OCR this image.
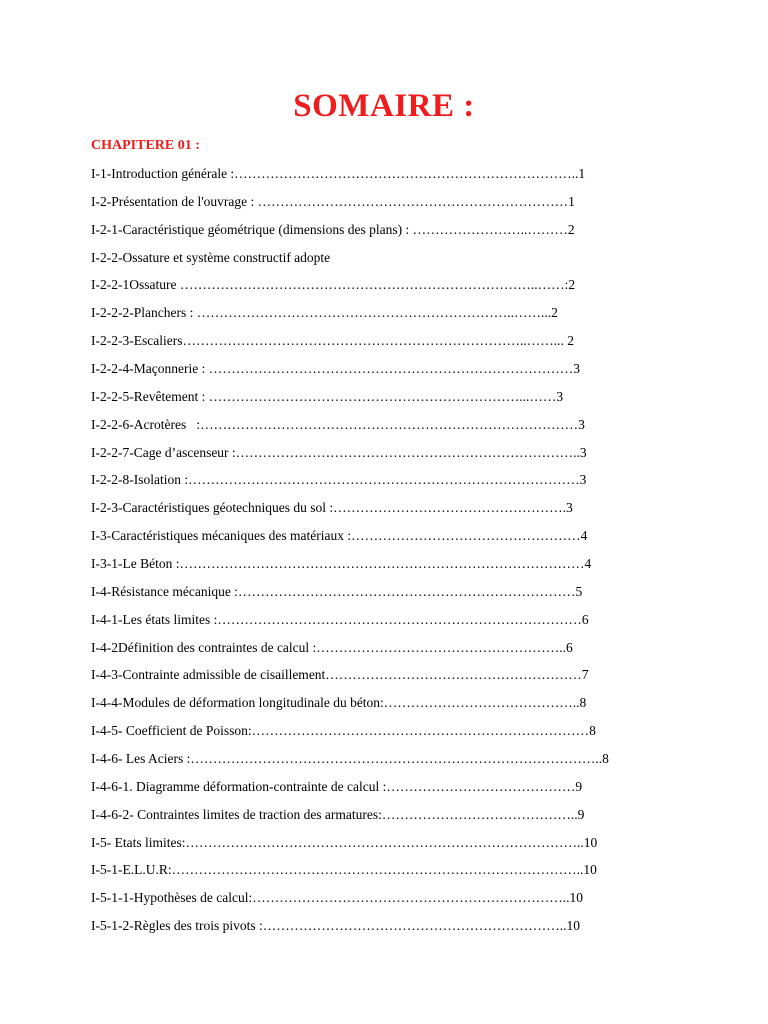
SOMAIRE :
CHAPITERE 01 :
I-1-Introduction générale :…………………………………………………………………..1
I-2-Présentation de l'ouvrage : ……………………………………………………………1
I-2-1-Caractéristique géométrique (dimensions des plans) : ……………………..………2
I-2-2-Ossature et système constructif adopte
I-2-2-1Ossature ……………………………………………………………………..……:2
I-2-2-2-Planchers : ……………………………………………………………..……...2
I-2-2-3-Escaliers…………………………………………………………………..……... 2
I-2-2-4-Maçonnerie : ………………………………………………………………………3
I-2-2-5-Revêtement : ……………………………………………………………...……3
I-2-2-6-Acrotères   :…………………………………………………………………………3
I-2-2-7-Cage d’ascenseur :…………………………………………………………………..3
I-2-2-8-Isolation :……………………………………………………………………………3
I-2-3-Caractéristiques géotechniques du sol :…………………………………………….3
I-3-Caractéristiques mécaniques des matériaux :……………………………………………4
I-3-1-Le Béton :………………………………………………………………………………4
I-4-Résistance mécanique :…………………………………………………………………5
I-4-1-Les états limites :………………………………………………………………………6
I-4-2Définition des contraintes de calcul :………………………………………………..6
I-4-3-Contrainte admissible de cisaillement…………………………………………………7
I-4-4-Modules de déformation longitudinale du béton:……………………………………..8
I-4-5- Coefficient de Poisson:…………………………………………………………………8
I-4-6- Les Aciers :………………………………………………………………………………..8
I-4-6-1. Diagramme déformation-contrainte de calcul :……………………………………9
I-4-6-2- Contraintes limites de traction des armatures:……………………………………..9
I-5- Etats limites:……………………………………………………………………………..10
I-5-1-E.L.U.R:………………………………………………………………………………..10
I-5-1-1-Hypothèses de calcul:……………………………………………………………..10
I-5-1-2-Règles des trois pivots :…………………………………………………………..10
